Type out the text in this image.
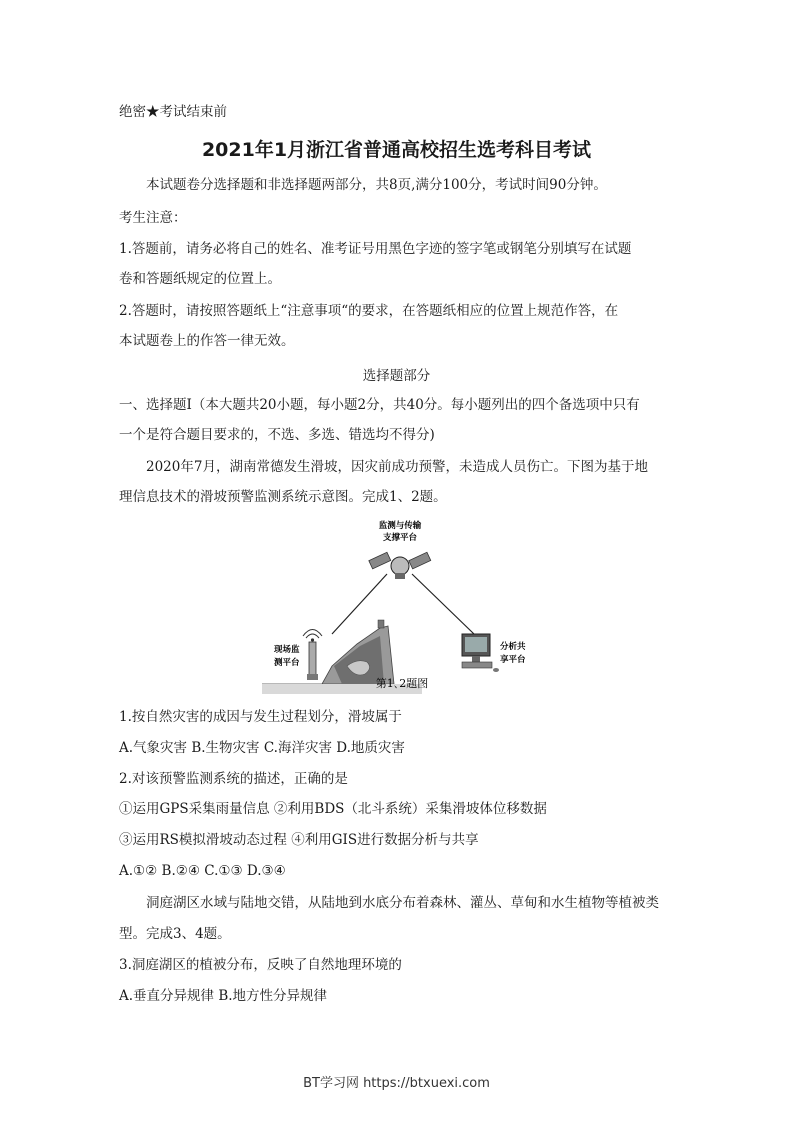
绝密★考试结束前
2021年1月浙江省普通高校招生选考科目考试
本试题卷分选择题和非选择题两部分，共8页,满分100分，考试时间90分钟。
考生注意：
1.答题前，请务必将自己的姓名、准考证号用黑色字迹的签字笔或钢笔分别填写在试题
卷和答题纸规定的位置上。
2.答题时，请按照答题纸上“注意事项“的要求，在答题纸相应的位置上规范作答，在
本试题卷上的作答一律无效。
选择题部分
一、选择题Ⅰ（本大题共20小题，每小题2分，共40分。每小题列出的四个备选项中只有
一个是符合题目要求的，不选、多选、错选均不得分)
2020年7月，湖南常德发生滑坡，因灾前成功预警，未造成人员伤亡。下图为基于地
理信息技术的滑坡预警监测系统示意图。完成1、2题。
监测与传输
支撑平台
现场监
测平台
分析共
享平台
第1､2题图
1.按自然灾害的成因与发生过程划分，滑坡属于
A.气象灾害 B.生物灾害 C.海洋灾害 D.地质灾害
2.对该预警监测系统的描述，正确的是
①运用GPS采集雨量信息 ②利用BDS（北斗系统）采集滑坡体位移数据
③运用RS模拟滑坡动态过程 ④利用GIS进行数据分析与共享
A.①② B.②④ C.①③ D.③④
洞庭湖区水域与陆地交错，从陆地到水底分布着森林、灌丛、草甸和水生植物等植被类
型。完成3、4题。
3.洞庭湖区的植被分布，反映了自然地理环境的
A.垂直分异规律 B.地方性分异规律
BT学习网 https://btxuexi.com
